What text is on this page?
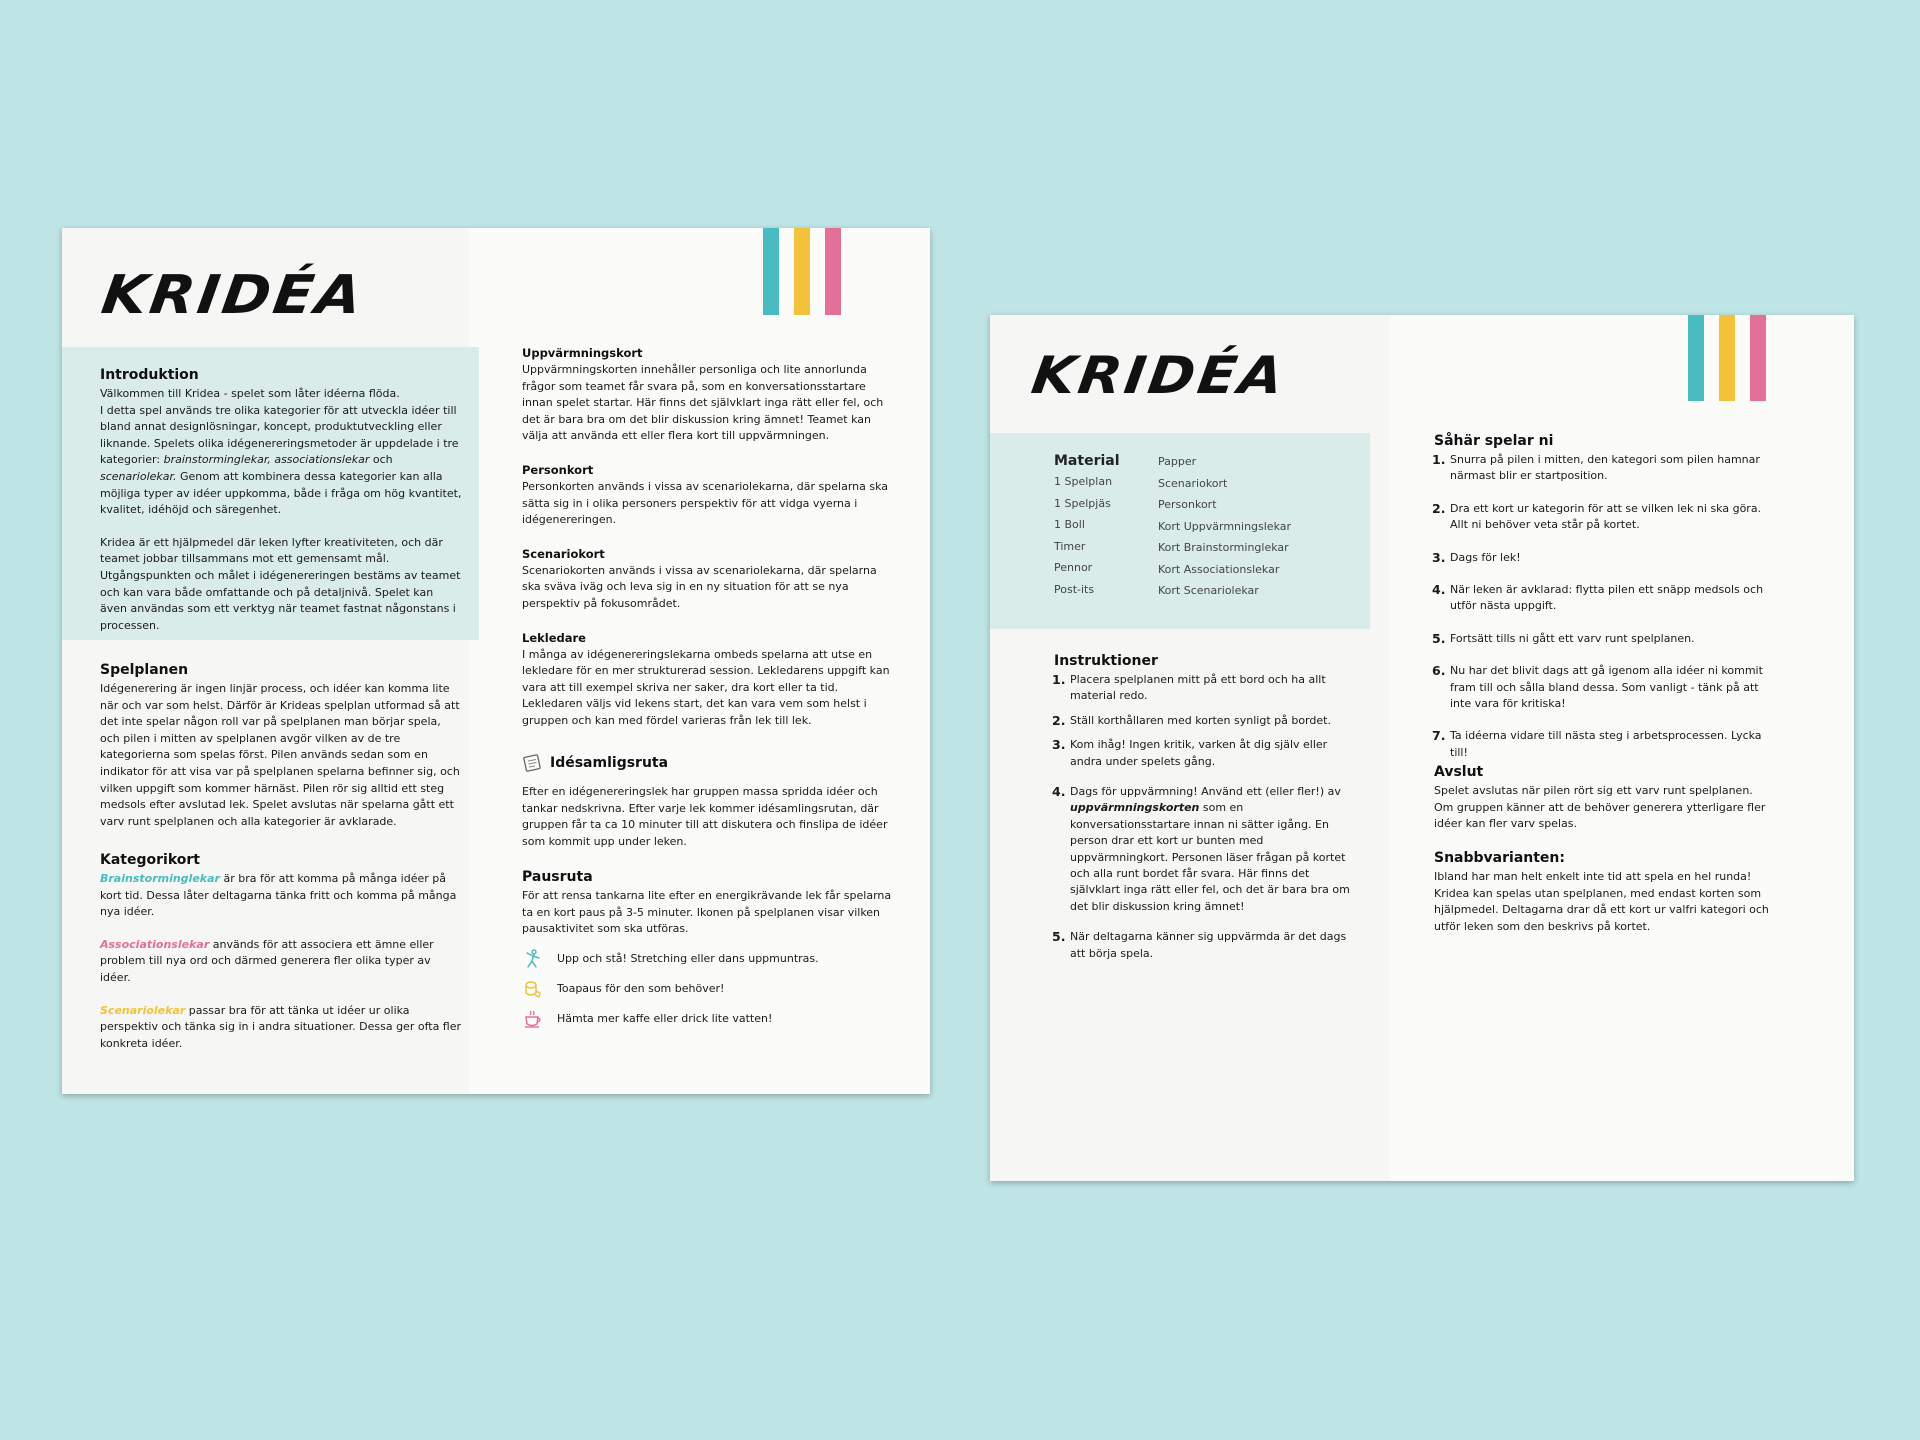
KRIDÉA
Introduktion

Välkommen till Kridea - spelet som låter idéerna flöda.
I detta spel används tre olika kategorier för att utveckla idéer till bland annat designlösningar, koncept, produktutveckling eller liknande. Spelets olika idégenereringsmetoder är uppdelade i tre kategorier: brainstorminglekar, associationslekar och scenariolekar. Genom att kombinera dessa kategorier kan alla möjliga typer av idéer uppkomma, både i fråga om hög kvantitet, kvalitet, idéhöjd och säregenhet.

Kridea är ett hjälpmedel där leken lyfter kreativiteten, och där teamet jobbar tillsammans mot ett gemensamt mål. Utgångspunkten och målet i idégenereringen bestäms av teamet och kan vara både omfattande och på detaljnivå. Spelet kan även användas som ett verktyg när teamet fastnat någonstans i processen.

Spelplanen

Idégenerering är ingen linjär process, och idéer kan komma lite när och var som helst. Därför är Krideas spelplan utformad så att det inte spelar någon roll var på spelplanen man börjar spela, och pilen i mitten av spelplanen avgör vilken av de tre kategorierna som spelas först. Pilen används sedan som en indikator för att visa var på spelplanen spelarna befinner sig, och vilken uppgift som kommer härnäst. Pilen rör sig alltid ett steg medsols efter avslutad lek. Spelet avslutas när spelarna gått ett varv runt spelplanen och alla kategorier är avklarade.

Kategorikort

Brainstorminglekar är bra för att komma på många idéer på kort tid. Dessa låter deltagarna tänka fritt och komma på många nya idéer.

Associationslekar används för att associera ett ämne eller problem till nya ord och därmed generera fler olika typer av idéer.

Scenariolekar passar bra för att tänka ut idéer ur olika perspektiv och tänka sig in i andra situationer. Dessa ger ofta fler konkreta idéer.

Uppvärmningskort

Uppvärmningskorten innehåller personliga och lite annorlunda frågor som teamet får svara på, som en konversationsstartare innan spelet startar. Här finns det självklart inga rätt eller fel, och det är bara bra om det blir diskussion kring ämnet! Teamet kan välja att använda ett eller flera kort till uppvärmningen.

Personkort

Personkorten används i vissa av scenariolekarna, där spelarna ska sätta sig in i olika personers perspektiv för att vidga vyerna i idégenereringen.

Scenariokort

Scenariokorten används i vissa av scenariolekarna, där spelarna ska sväva iväg och leva sig in en ny situation för att se nya perspektiv på fokusområdet.

Lekledare

I många av idégenereringslekarna ombeds spelarna att utse en lekledare för en mer strukturerad session. Lekledarens uppgift kan vara att till exempel skriva ner saker, dra kort eller ta tid. Lekledaren väljs vid lekens start, det kan vara vem som helst i gruppen och kan med fördel varieras från lek till lek.

Idésamligsruta

Efter en idégenereringslek har gruppen massa spridda idéer och tankar nedskrivna. Efter varje lek kommer idésamlingsrutan, där gruppen får ta ca 10 minuter till att diskutera och finslipa de idéer som kommit upp under leken.

Pausruta

För att rensa tankarna lite efter en energikrävande lek får spelarna ta en kort paus på 3-5 minuter. Ikonen på spelplanen visar vilken pausaktivitet som ska utföras.

Upp och stå! Stretching eller dans uppmuntras.
Toapaus för den som behöver!
Hämta mer kaffe eller drick lite vatten!
KRIDÉA
Material
1 Spelplan
1 Spelpjäs
1 Boll
Timer
Pennor
Post-its
Papper
Scenariokort
Personkort
Kort Uppvärmningslekar
Kort Brainstorminglekar
Kort Associationslekar
Kort Scenariolekar
Instruktioner
1. Placera spelplanen mitt på ett bord och ha allt material redo.
2. Ställ korthållaren med korten synligt på bordet.
3. Kom ihåg! Ingen kritik, varken åt dig själv eller andra under spelets gång.
4. Dags för uppvärmning! Använd ett (eller fler!) av uppvärmningskorten som en konversationsstartare innan ni sätter igång. En person drar ett kort ur bunten med uppvärmningkort. Personen läser frågan på kortet och alla runt bordet får svara. Här finns det självklart inga rätt eller fel, och det är bara bra om det blir diskussion kring ämnet!
5. När deltagarna känner sig uppvärmda är det dags att börja spela.
Såhär spelar ni
1. Snurra på pilen i mitten, den kategori som pilen hamnar närmast blir er startposition.
2. Dra ett kort ur kategorin för att se vilken lek ni ska göra. Allt ni behöver veta står på kortet.
3. Dags för lek!
4. När leken är avklarad: flytta pilen ett snäpp medsols och utför nästa uppgift.
5. Fortsätt tills ni gått ett varv runt spelplanen.
6. Nu har det blivit dags att gå igenom alla idéer ni kommit fram till och sålla bland dessa. Som vanligt - tänk på att inte vara för kritiska!
7. Ta idéerna vidare till nästa steg i arbetsprocessen. Lycka till!
Avslut

Spelet avslutas när pilen rört sig ett varv runt spelplanen. Om gruppen känner att de behöver generera ytterligare fler idéer kan fler varv spelas.

Snabbvarianten:

Ibland har man helt enkelt inte tid att spela en hel runda! Kridea kan spelas utan spelplanen, med endast korten som hjälpmedel. Deltagarna drar då ett kort ur valfri kategori och utför leken som den beskrivs på kortet.
